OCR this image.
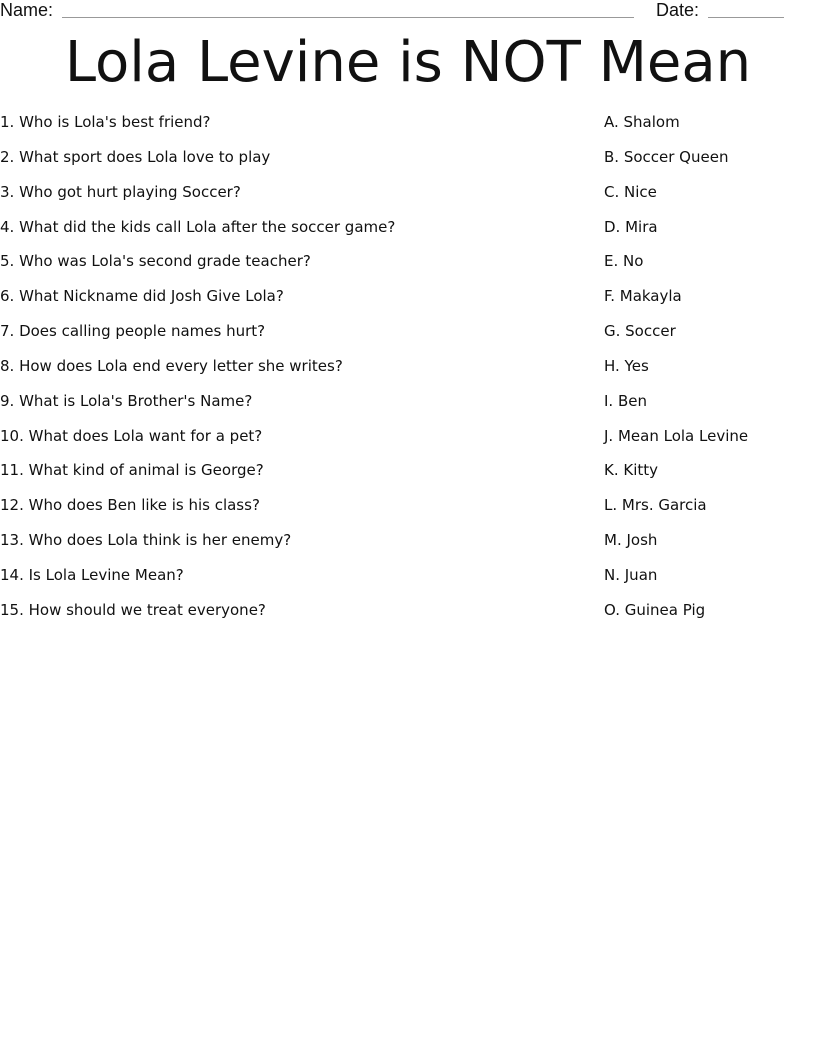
Name:	Date:
Lola Levine is NOT Mean
1. Who is Lola's best friend?
2. What sport does Lola love to play
3. Who got hurt playing Soccer?
4. What did the kids call Lola after the soccer game?
5. Who was Lola's second grade teacher?
6. What Nickname did Josh Give Lola?
7. Does calling people names hurt?
8. How does Lola end every letter she writes?
9. What is Lola's Brother's Name?
10. What does Lola want for a pet?
11. What kind of animal is George?
12. Who does Ben like is his class?
13. Who does Lola think is her enemy?
14. Is Lola Levine Mean?
15. How should we treat everyone?
A. Shalom
B. Soccer Queen
C. Nice
D. Mira
E. No
F. Makayla
G. Soccer
H. Yes
I. Ben
J. Mean Lola Levine
K. Kitty
L. Mrs. Garcia
M. Josh
N. Juan
O. Guinea Pig
